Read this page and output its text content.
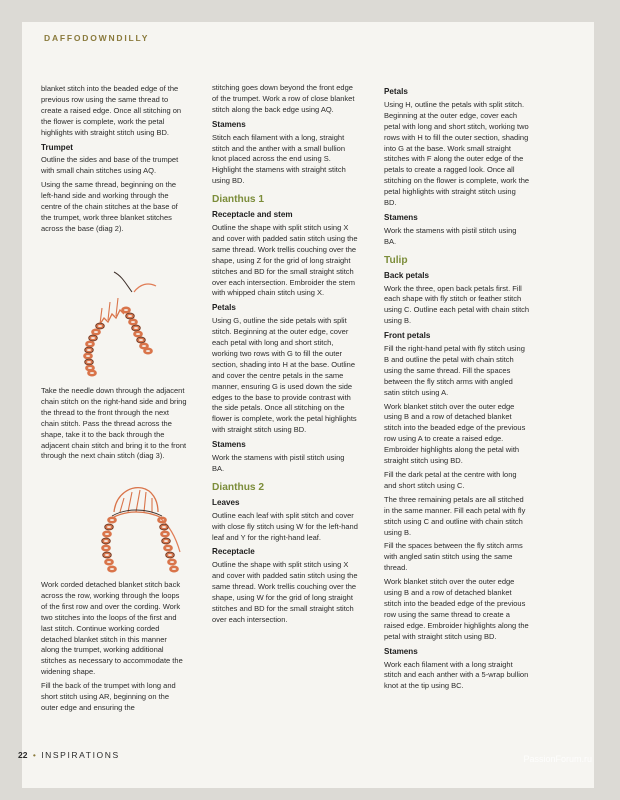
DAFFODOWNDILLY

blanket stitch into the beaded edge of the previous row using the same thread to create a raised edge. Once all stitching on the flower is complete, work the petal highlights with straight stitch using BD.

Trumpet

Outline the sides and base of the trumpet with small chain stitches using AQ.

Using the same thread, beginning on the left-hand side and working through the centre of the chain stitches at the base of the trumpet, work three blanket stitches across the base (diag 2).

Take the needle down through the adjacent chain stitch on the right-hand side and bring the thread to the front through the next chain stitch. Pass the thread across the shape, take it to the back through the adjacent chain stitch and bring it to the front through the next chain stitch (diag 3).

Work corded detached blanket stitch back across the row, working through the loops of the first row and over the cording. Work two stitches into the loops of the first and last stitch. Continue working corded detached blanket stitch in this manner along the trumpet, working additional stitches as necessary to accommodate the widening shape.

Fill the back of the trumpet with long and short stitch using AR, beginning on the outer edge and ensuring the

stitching goes down beyond the front edge of the trumpet. Work a row of close blanket stitch along the back edge using AQ.

Stamens

Stitch each filament with a long, straight stitch and the anther with a small bullion knot placed across the end using S. Highlight the stamens with straight stitch using BD.

Dianthus 1
Receptacle and stem

Outline the shape with split stitch using X and cover with padded satin stitch using the same thread. Work trellis couching over the shape, using Z for the grid of long straight stitches and BD for the small straight stitch over each intersection. Embroider the stem with whipped chain stitch using X.

Petals

Using G, outline the side petals with split stitch. Beginning at the outer edge, cover each petal with long and short stitch, working two rows with G to fill the outer section, shading into H at the base. Outline and cover the centre petals in the same manner, ensuring G is used down the side edges to the base to provide contrast with the side petals. Once all stitching on the flower is complete, work the petal highlights with straight stitch using BD.

Stamens

Work the stamens with pistil stitch using BA.

Dianthus 2
Leaves

Outline each leaf with split stitch and cover with close fly stitch using W for the left-hand leaf and Y for the right-hand leaf.

Receptacle

Outline the shape with split stitch using X and cover with padded satin stitch using the same thread. Work trellis couching over the shape, using W for the grid of long straight stitches and BD for the small straight stitch over each intersection.

Petals

Using H, outline the petals with split stitch. Beginning at the outer edge, cover each petal with long and short stitch, working two rows with H to fill the outer section, shading into G at the base. Work small straight stitches with F along the outer edge of the petals to create a ragged look. Once all stitching on the flower is complete, work the petal highlights with straight stitch using BD.

Stamens

Work the stamens with pistil stitch using BA.

Tulip
Back petals

Work the three, open back petals first. Fill each shape with fly stitch or feather stitch using C. Outline each petal with chain stitch using B.

Front petals

Fill the right-hand petal with fly stitch using B and outline the petal with chain stitch using the same thread. Fill the spaces between the fly stitch arms with angled satin stitch using A.

Work blanket stitch over the outer edge using B and a row of detached blanket stitch into the beaded edge of the previous row using A to create a raised edge. Embroider highlights along the petal with straight stitch using BD.

Fill the dark petal at the centre with long and short stitch using C.

The three remaining petals are all stitched in the same manner. Fill each petal with fly stitch using C and outline with chain stitch using B.

Fill the spaces between the fly stitch arms with angled satin stitch using the same thread.

Work blanket stitch over the outer edge using B and a row of detached blanket stitch into the beaded edge of the previous row using the same thread to create a raised edge. Embroider highlights along the petal with straight stitch using BD.

Stamens

Work each filament with a long straight stitch and each anther with a 5-wrap bullion knot at the tip using BC.

22 • INSPIRATIONS	PassionForum.ru
